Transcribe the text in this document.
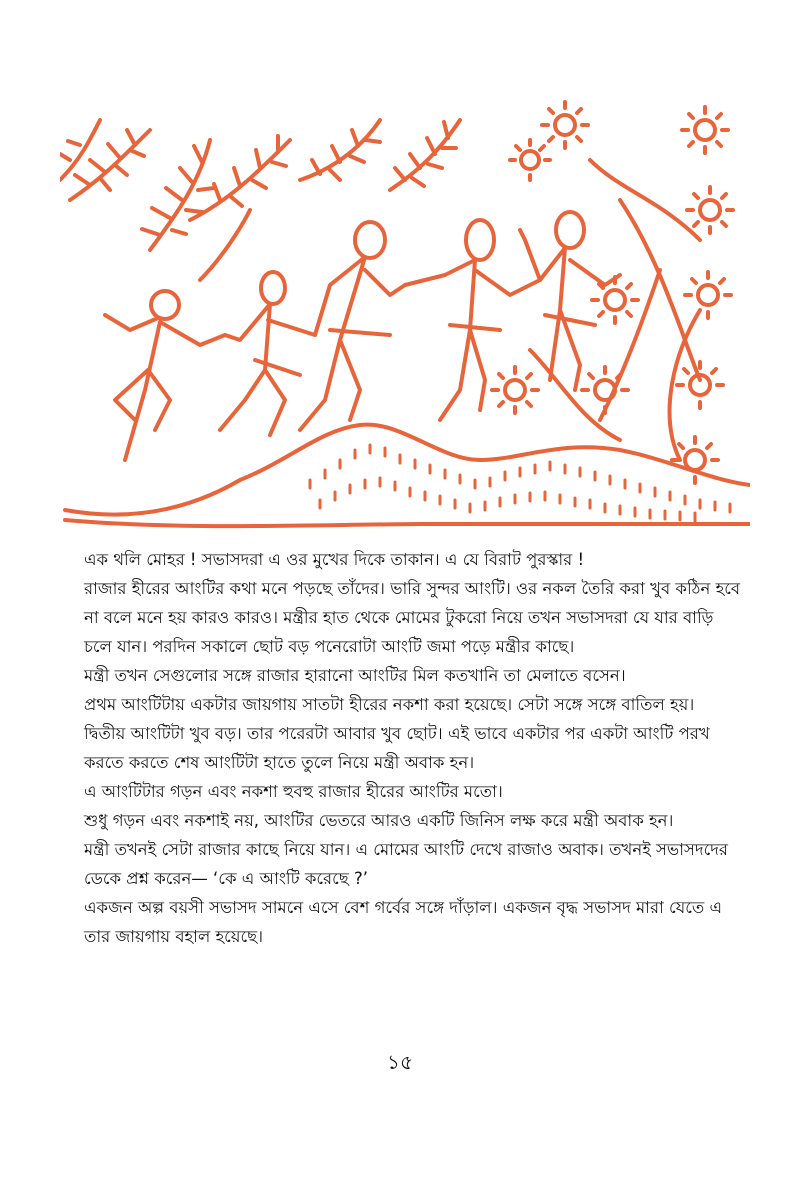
এক থলি মোহর ! সভাসদরা এ ওর মুখের দিকে তাকান। এ যে বিরাট পুরস্কার !

রাজার হীরের আংটির কথা মনে পড়ছে তাঁদের। ভারি সুন্দর আংটি। ওর নকল তৈরি করা খুব কঠিন হবে না বলে মনে হয় কারও কারও। মন্ত্রীর হাত থেকে মোমের টুকরো নিয়ে তখন সভাসদরা যে যার বাড়ি চলে যান। পরদিন সকালে ছোট বড় পনেরোটা আংটি জমা পড়ে মন্ত্রীর কাছে।

মন্ত্রী তখন সেগুলোর সঙ্গে রাজার হারানো আংটির মিল কতখানি তা মেলাতে বসেন।

প্রথম আংটিটায় একটার জায়গায় সাতটা হীরের নকশা করা হয়েছে। সেটা সঙ্গে সঙ্গে বাতিল হয়।

দ্বিতীয় আংটিটা খুব বড়। তার পরেরটা আবার খুব ছোট। এই ভাবে একটার পর একটা আংটি পরখ করতে করতে শেষ আংটিটা হাতে তুলে নিয়ে মন্ত্রী অবাক হন।

এ আংটিটার গড়ন এবং নকশা হুবহু রাজার হীরের আংটির মতো।

শুধু গড়ন এবং নকশাই নয়, আংটির ভেতরে আরও একটি জিনিস লক্ষ করে মন্ত্রী অবাক হন।

মন্ত্রী তখনই সেটা রাজার কাছে নিয়ে যান। এ মোমের আংটি দেখে রাজাও অবাক। তখনই সভাসদদের ডেকে প্রশ্ন করেন— ‘কে এ আংটি করেছে ?’

একজন অল্প বয়সী সভাসদ সামনে এসে বেশ গর্বের সঙ্গে দাঁড়াল। একজন বৃদ্ধ সভাসদ মারা যেতে এ তার জায়গায় বহাল হয়েছে।

১৫
